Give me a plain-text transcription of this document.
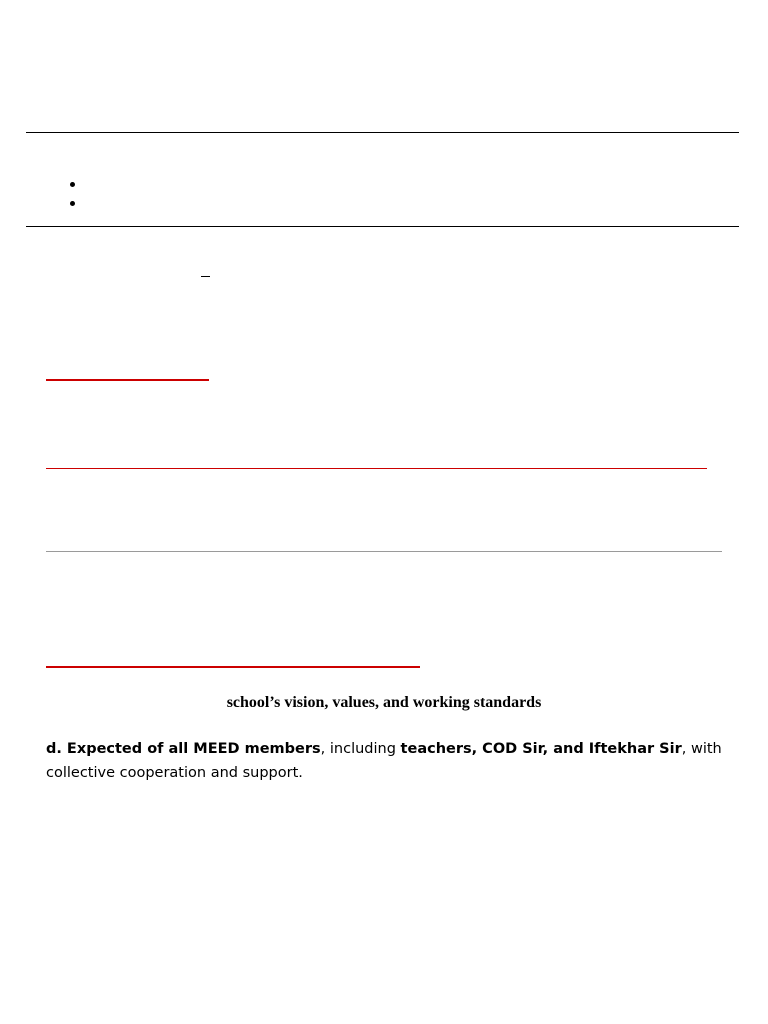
school’s vision, values, and working standards

d. Expected of all MEED members, including teachers, COD Sir, and Iftekhar Sir, with collective cooperation and support.
